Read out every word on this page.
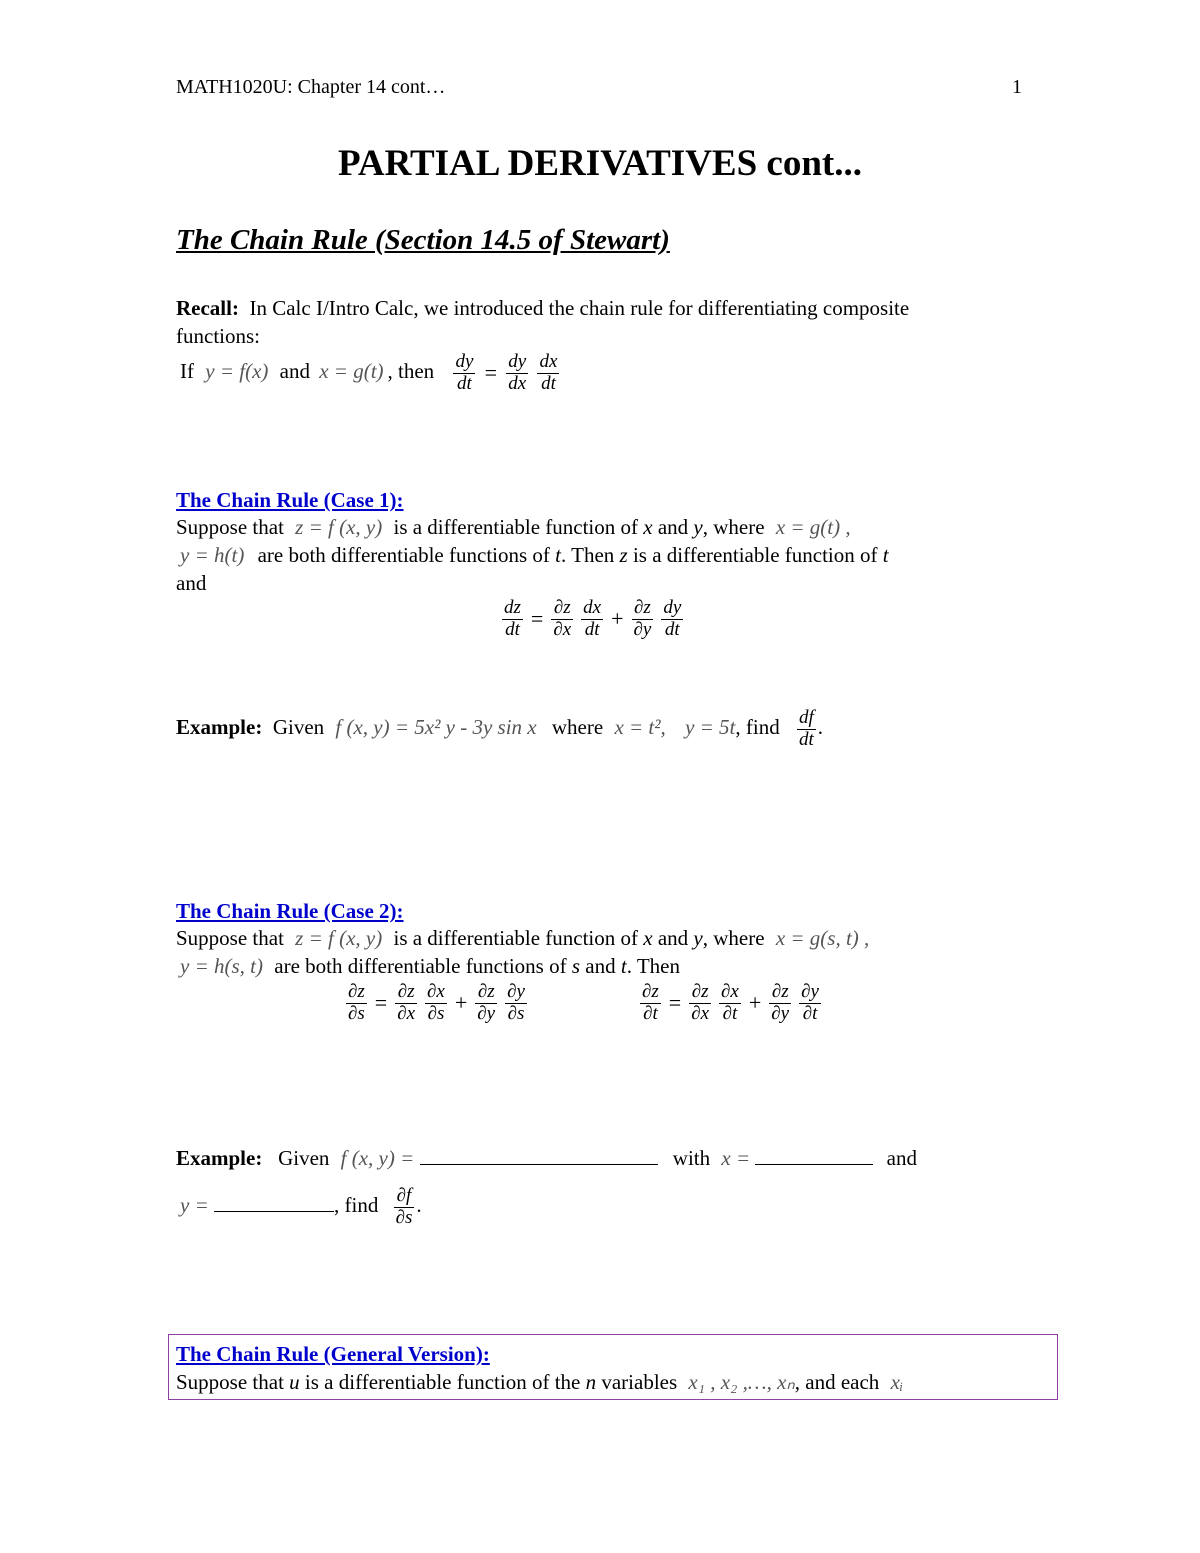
MATH1020U: Chapter 14 cont…	1
PARTIAL DERIVATIVES cont...
The Chain Rule (Section 14.5 of Stewart)
Recall: In Calc I/Intro Calc, we introduced the chain rule for differentiating composite
functions:
If y = f(x) and x = g(t) , then $\frac{dy}{dt} = \frac{dy}{dx}$
$\frac{dx}{dt}$
The Chain Rule (Case 1):
Suppose that z = f (x, y) is a differentiable function of x and y, where x = g(t) ,
y = h(t) are both differentiable functions of t. Then z is a differentiable function of t
and
$\frac{dz}{dt} = \frac{\partial z}{\partial x}$
$\frac{dx}{dt} + \frac{\partial z}{\partial y}$
$\frac{dy}{dt}$
Example: Given f (x, y) = 5x² y - 3y sin x where x = t², y = 5t, find $\frac{df}{dt}$ .
The Chain Rule (Case 2):
Suppose that z = f (x, y) is a differentiable function of x and y, where x = g(s, t) ,
y = h(s, t) are both differentiable functions of s and t. Then
$\frac{\partial z}{\partial s} = \frac{\partial z}{\partial x}$
$\frac{\partial x}{\partial s} + \frac{\partial z}{\partial y}$
$\frac{\partial y}{\partial s}$	$\frac{\partial z}{\partial t} = \frac{\partial z}{\partial x}$
$\frac{\partial x}{\partial t} + \frac{\partial z}{\partial y}$
$\frac{\partial y}{\partial t}$
Example: Given f (x, y) =	with x =	and
y =	, find $\frac{\partial f}{\partial s}$ .
The Chain Rule (General Version):
Suppose that u is a differentiable function of the n variables x₁ , x₂ ,…, xₙ, and each xᵢ
